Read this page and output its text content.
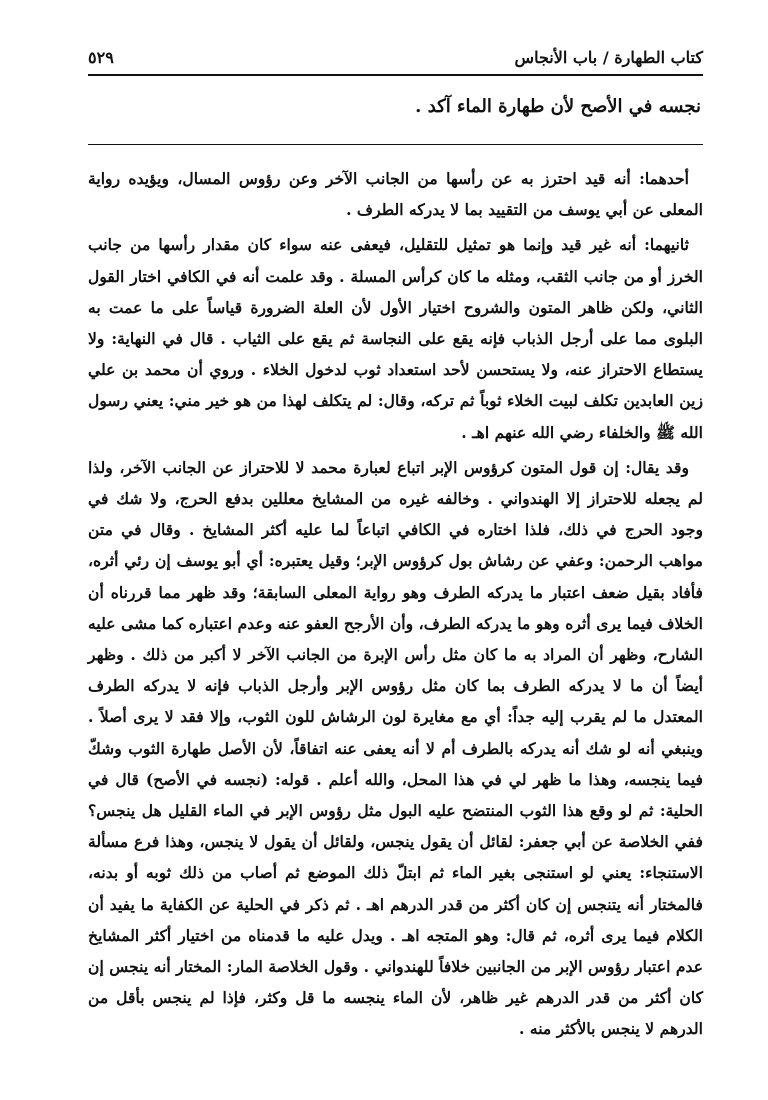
كتاب الطهارة / باب الأنجاس
٥٢٩
نجسه في الأصح لأن طهارة الماء آكد .

أحدهما: أنه قيد احترز به عن رأسها من الجانب الآخر وعن رؤوس المسال، ويؤيده رواية المعلى عن أبي يوسف من التقييد بما لا يدركه الطرف .

ثانيهما: أنه غير قيد وإنما هو تمثيل للتقليل، فيعفى عنه سواء كان مقدار رأسها من جانب الخرز أو من جانب الثقب، ومثله ما كان كرأس المسلة . وقد علمت أنه في الكافي اختار القول الثاني، ولكن ظاهر المتون والشروح اختيار الأول لأن العلة الضرورة قياساً على ما عمت به البلوى مما على أرجل الذباب فإنه يقع على النجاسة ثم يقع على الثياب . قال في النهاية: ولا يستطاع الاحتراز عنه، ولا يستحسن لأحد استعداد ثوب لدخول الخلاء . وروي أن محمد بن علي زين العابدين تكلف لبيت الخلاء ثوباً ثم تركه، وقال: لم يتكلف لهذا من هو خير مني: يعني رسول الله ﷺ والخلفاء رضي الله عنهم اهـ .

وقد يقال: إن قول المتون كرؤوس الإبر اتباع لعبارة محمد لا للاحتراز عن الجانب الآخر، ولذا لم يجعله للاحتراز إلا الهندواني . وخالفه غيره من المشايخ معللين بدفع الحرج، ولا شك في وجود الحرج في ذلك، فلذا اختاره في الكافي اتباعاً لما عليه أكثر المشايخ . وقال في متن مواهب الرحمن: وعفي عن رشاش بول كرؤوس الإبر؛ وقيل يعتبره: أي أبو يوسف إن رئي أثره، فأفاد بقيل ضعف اعتبار ما يدركه الطرف وهو رواية المعلى السابقة؛ وقد ظهر مما قررناه أن الخلاف فيما يرى أثره وهو ما يدركه الطرف، وأن الأرجح العفو عنه وعدم اعتباره كما مشى عليه الشارح، وظهر أن المراد به ما كان مثل رأس الإبرة من الجانب الآخر لا أكبر من ذلك . وظهر أيضاً أن ما لا يدركه الطرف بما كان مثل رؤوس الإبر وأرجل الذباب فإنه لا يدركه الطرف المعتدل ما لم يقرب إليه جداً: أي مع مغايرة لون الرشاش للون الثوب، وإلا فقد لا يرى أصلاً . وينبغي أنه لو شك أنه يدركه بالطرف أم لا أنه يعفى عنه اتفاقاً، لأن الأصل طهارة الثوب وشكّ فيما ينجسه، وهذا ما ظهر لي في هذا المحل، والله أعلم . قوله: (نجسه في الأصح) قال في الحلية: ثم لو وقع هذا الثوب المنتضح عليه البول مثل رؤوس الإبر في الماء القليل هل ينجس؟ ففي الخلاصة عن أبي جعفر: لقائل أن يقول ينجس، ولقائل أن يقول لا ينجس، وهذا فرع مسألة الاستنجاء: يعني لو استنجى بغير الماء ثم ابتلّ ذلك الموضع ثم أصاب من ذلك ثوبه أو بدنه، فالمختار أنه يتنجس إن كان أكثر من قدر الدرهم اهـ . ثم ذكر في الحلية عن الكفاية ما يفيد أن الكلام فيما يرى أثره، ثم قال: وهو المتجه اهـ . ويدل عليه ما قدمناه من اختيار أكثر المشايخ عدم اعتبار رؤوس الإبر من الجانبين خلافاً للهندواني . وقول الخلاصة المار: المختار أنه ينجس إن كان أكثر من قدر الدرهم غير ظاهر، لأن الماء ينجسه ما قل وكثر، فإذا لم ينجس بأقل من الدرهم لا ينجس بالأكثر منه .
